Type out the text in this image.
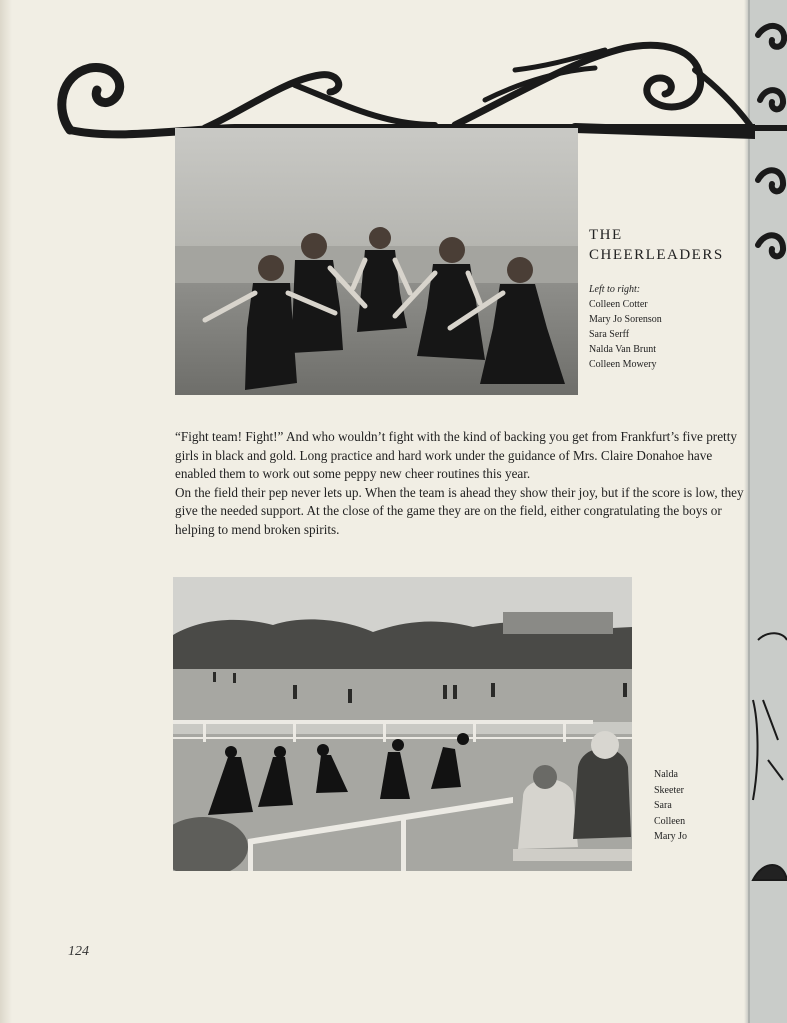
THE
CHEERLEADERS
Left to right:
Colleen Cotter
Mary Jo Sorenson
Sara Serff
Nalda Van Brunt
Colleen Mowery

“Fight team! Fight!” And who wouldn’t fight with the kind of backing you get from Frankfurt’s five pretty girls in black and gold. Long practice and hard work under the guidance of Mrs. Claire Donahoe have enabled them to work out some peppy new cheer routines this year.

On the field their pep never lets up. When the team is ahead they show their joy, but if the score is low, they give the needed support. At the close of the game they are on the field, either congratulating the boys or helping to mend broken spirits.

Nalda
Skeeter
Sara
Colleen
Mary Jo
124
